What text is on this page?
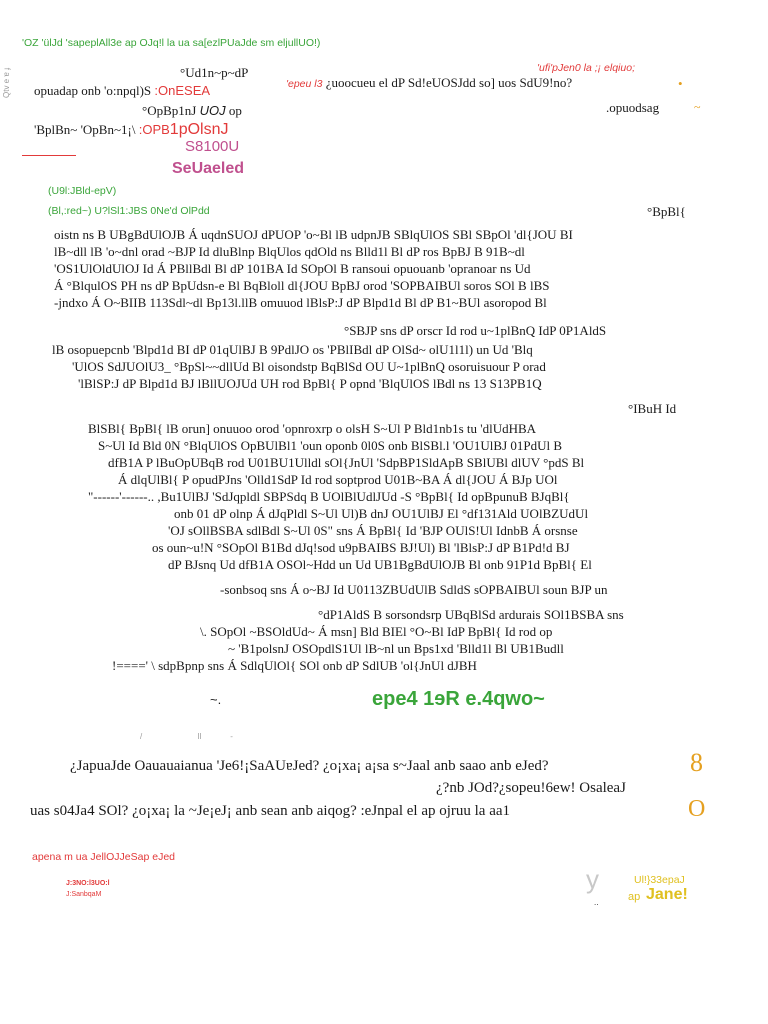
Qtv e ɐ ɟ
'OZ 'ülJd 'sapeplAll3e ap OJq!l la ua sa[ezlPUaJde sm eljullUO!)
°Ud1n~p~dP
opuadap onb 'o:npql)S :OnESEA
°OpBp1nJ UOJ op
'BplBn~ 'OpBn~1¡\ :OPB1pOlsnJ
S8100U
SeUaeled
'ufi'pJen0 la ;¡ elqiuo;
'epeu l3 ¿uoocueu el dP Sd!eUOSJdd so] uos SdU9!no?	•
.opuodsag	~
(U9l:JBld-epV)
(Bl,:red~) U?lSl1:JBS 0Ne'd OlPdd	°BpBl{
oistn ns B UBgBdUlOJB Á uqdnSUOJ dPUOP 'o~Bl lB udpnJB SBlqUlOS SBl SBpOl 'dl{JOU BI
lB~dll lB 'o~dnl orad ~BJP Id dluBlnp BlqUlos qdOld ns Blld1l Bl dP ros BpBJ B 91B~dl
'OS1UlOldUlOJ Id Á PBllBdl Bl dP 101BA Id SOpOl B ransoui opuouanb 'opranoar ns Ud
Á °BlqulOS PH ns dP BpUdsn-e Bl BqBloll dl{JOU BpBJ orod 'SOPBAIBUl soros SOl B lBS
-jndxo Á O~BIIB 113Sdl~dl Bp13l.llB omuuod lBlsP:J dP Blpd1d Bl dP B1~BUl asoropod Bl
°SBJP sns dP orscr Id rod u~1plBnQ IdP 0P1AldS
lB osopuepcnb 'Blpd1d BI dP 01qUlBJ B 9PdlJO os 'PBlIBdl dP OlSd~ olU1l1l) un Ud 'Blq
'UlOS SdJUOlU3_ °BpSl~~dllUd Bl oisondstp BqBlSd OU U~1plBnQ osoruisuour P orad
'lBlSP:J dP Blpd1d BJ lBllUOJUd UH rod BpBl{ P opnd 'BlqUlOS lBdl ns 13 S13PB1Q
°IBuH Id
BlSBl{ BpBl{ lB orun] onuuoo orod 'opnroxrp o olsH S~Ul P Bld1nb1s tu 'dlUdHBA
S~Ul Id Bld 0N °BlqUlOS OpBUlBl1 'oun oponb 0l0S onb BlSBl.l 'OU1UlBJ 01PdUl B
dfB1A P lBuOpUBqB rod U01BU1Ulldl sOl{JnUl 'SdpBP1SldApB SBlUBl dlUV °pdS Bl
Á dlqUlBl{ P opudPJns 'Olld1SdP Id rod soptprod U01B~BA Á dl{JOU Á BJp UOl
"------'------.. ,Bu1UlBJ 'SdJqpldl SBPSdq B UOlBlUdlJUd -S °BpBl{ Id opBpunuB BJqBl{
onb 01 dP olnp Á dJqPldl S~Ul Ul)B dnJ OU1UlBJ El °df131Ald UOlBZUdUl
'OJ sOllBSBA sdlBdl S~Ul 0S" sns Á BpBl{ Id 'BJP OUlS!Ul IdnbB Á orsnse
os oun~u!N °SOpOl B1Bd dJq!sod u9pBAIBS BJ!Ul) Bl 'lBlsP:J dP B1Pd!d BJ
dP BJsnq Ud dfB1A OSOl~Hdd un Ud UB1BgBdUlOJB Bl onb 91P1d BpBl{ El
-sonbsoq sns Á o~BJ Id U0113ZBUdUlB SdldS sOPBAIBUl soun BJP un
°dP1AldS B sorsondsrp UBqBlSd ardurais SOl1BSBA sns
\. SOpOl ~BSOldUd~ Á msn] Bld BIEl °O~Bl IdP BpBl{ Id rod op
~ 'B1polsnJ OSOpdlS1Ul lB~nl un Bps1xd 'Blld1l Bl UB1Budll
!====' \ sdpBpnp sns Á SdlqUlOl{ SOl onb dP SdlUB 'ol{JnUl dJBH
~.	epe4 1ɘR e.4qwo~
/                         ll             -
¿JapuaJde Oauauaianua 'Je6!¡SaAUɐJed? ¿o¡xa¡ a¡sa s~Jaal anb saao anb eJed?	8
¿?nb JOd?¿sopeu!6ew! OsaleaJ
uas s04Ja4 SOl? ¿o¡xa¡ la ~Je¡eJ¡ anb sean anb aiqog? :eJnpal el ap ojruu la aa1	O
apena m ua JellOJJeSap eJed
J:3NO:l3UO:l
J:SanbqaM
y
..
Ul!}33epaJ
ap Jane!
